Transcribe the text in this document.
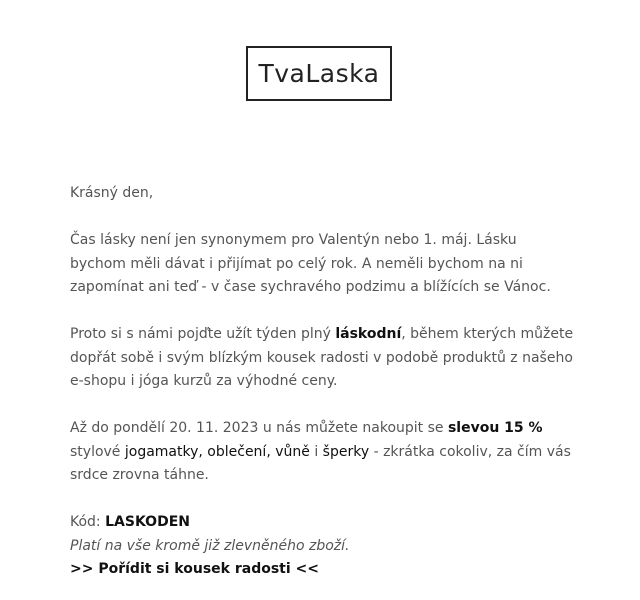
TvaLaska

Krásný den,

Čas lásky není jen synonymem pro Valentýn nebo 1. máj. Lásku bychom měli dávat i přijímat po celý rok. A neměli bychom na ni zapomínat ani teď - v čase sychravého podzimu a blížících se Vánoc.

Proto si s námi pojďte užít týden plný láskodní, během kterých můžete dopřát sobě i svým blízkým kousek radosti v podobě produktů z našeho e-shopu i jóga kurzů za výhodné ceny.

Až do pondělí 20. 11. 2023 u nás můžete nakoupit se slevou 15 % stylové jogamatky, oblečení, vůně i šperky - zkrátka cokoliv, za čím vás srdce zrovna táhne.

Kód: LASKODEN
Platí na vše kromě již zlevněného zboží.
>> Pořídit si kousek radosti <<
